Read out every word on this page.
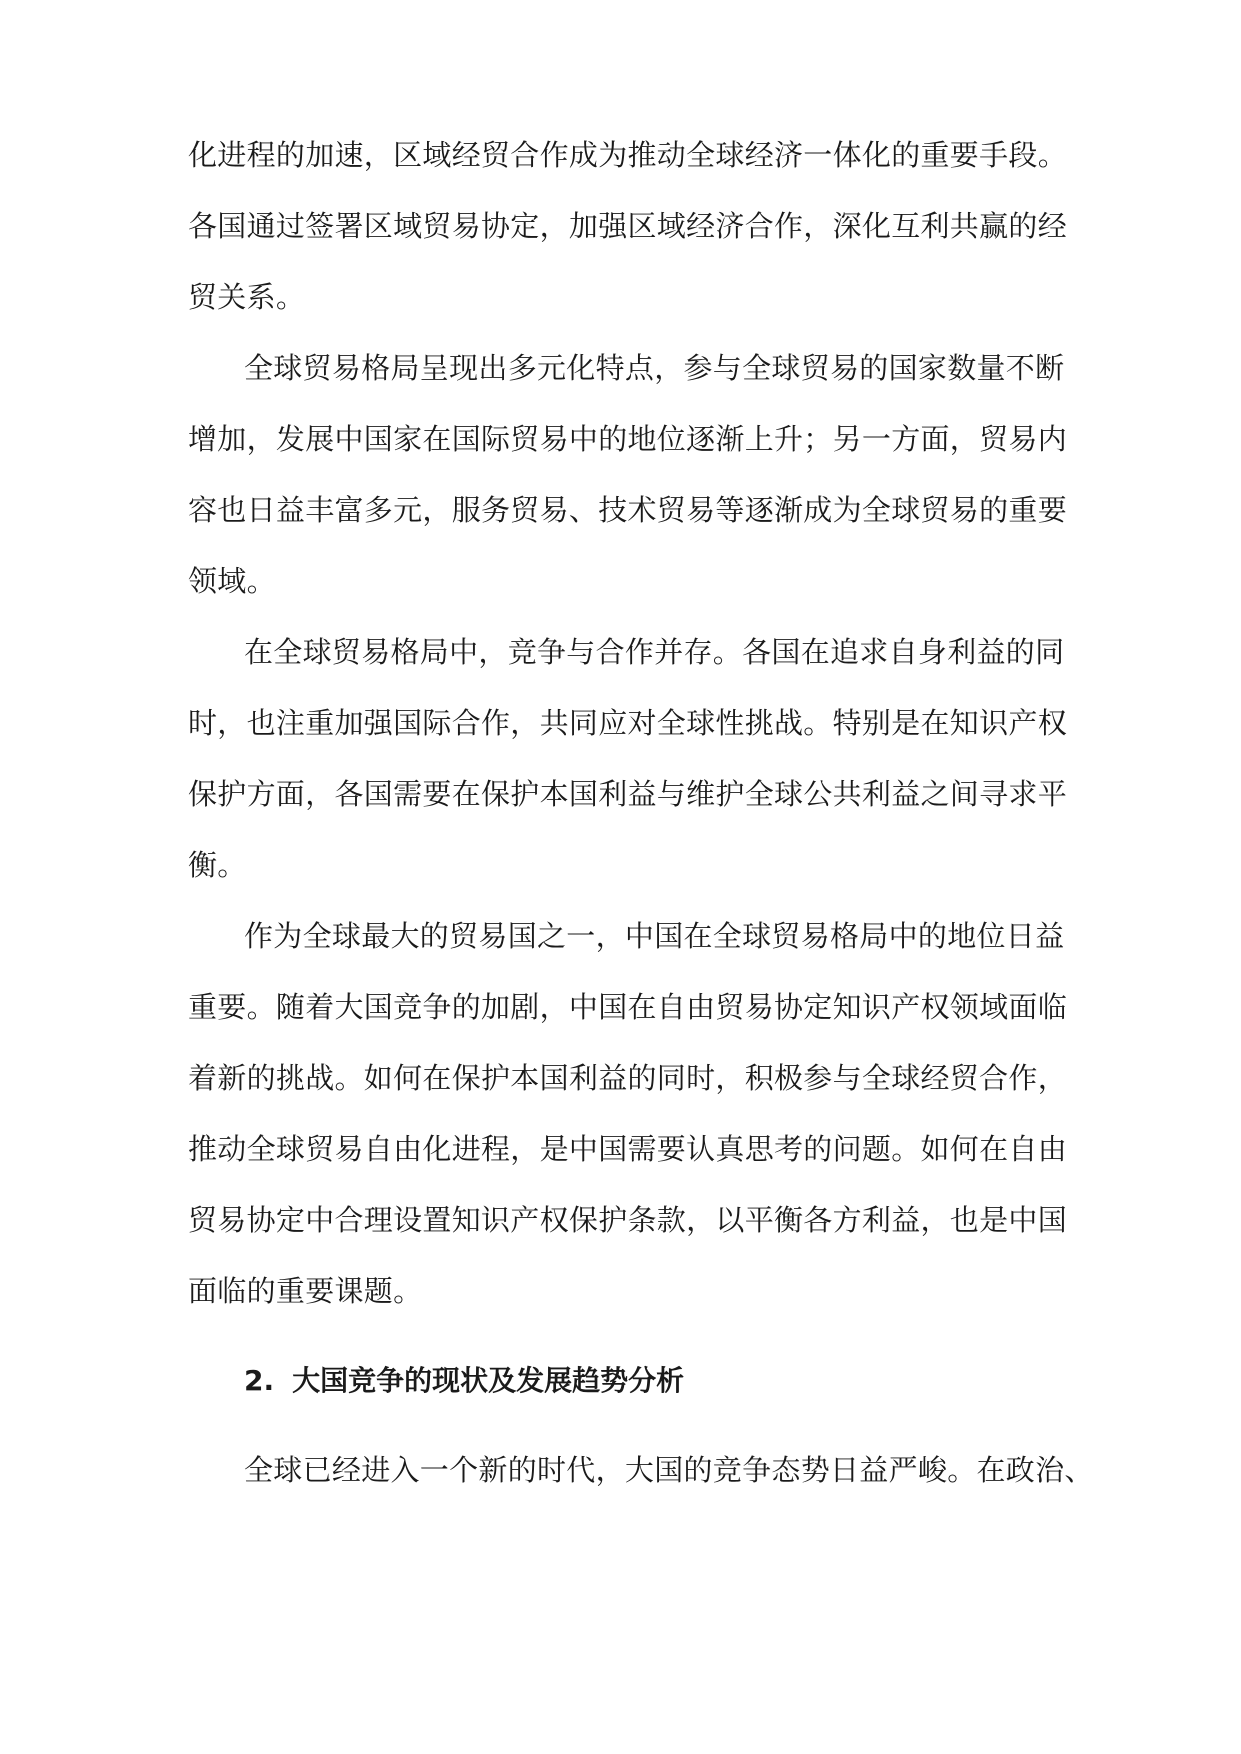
化进程的加速，区域经贸合作成为推动全球经济一体化的重要手段。
各国通过签署区域贸易协定，加强区域经济合作，深化互利共赢的经
贸关系。
全球贸易格局呈现出多元化特点，参与全球贸易的国家数量不断
增加，发展中国家在国际贸易中的地位逐渐上升；另一方面，贸易内
容也日益丰富多元，服务贸易、技术贸易等逐渐成为全球贸易的重要
领域。
在全球贸易格局中，竞争与合作并存。各国在追求自身利益的同
时，也注重加强国际合作，共同应对全球性挑战。特别是在知识产权
保护方面，各国需要在保护本国利益与维护全球公共利益之间寻求平
衡。
作为全球最大的贸易国之一，中国在全球贸易格局中的地位日益
重要。随着大国竞争的加剧，中国在自由贸易协定知识产权领域面临
着新的挑战。如何在保护本国利益的同时，积极参与全球经贸合作，
推动全球贸易自由化进程，是中国需要认真思考的问题。如何在自由
贸易协定中合理设置知识产权保护条款，以平衡各方利益，也是中国
面临的重要课题。
2. 大国竞争的现状及发展趋势分析
全球已经进入一个新的时代，大国的竞争态势日益严峻。在政治、
